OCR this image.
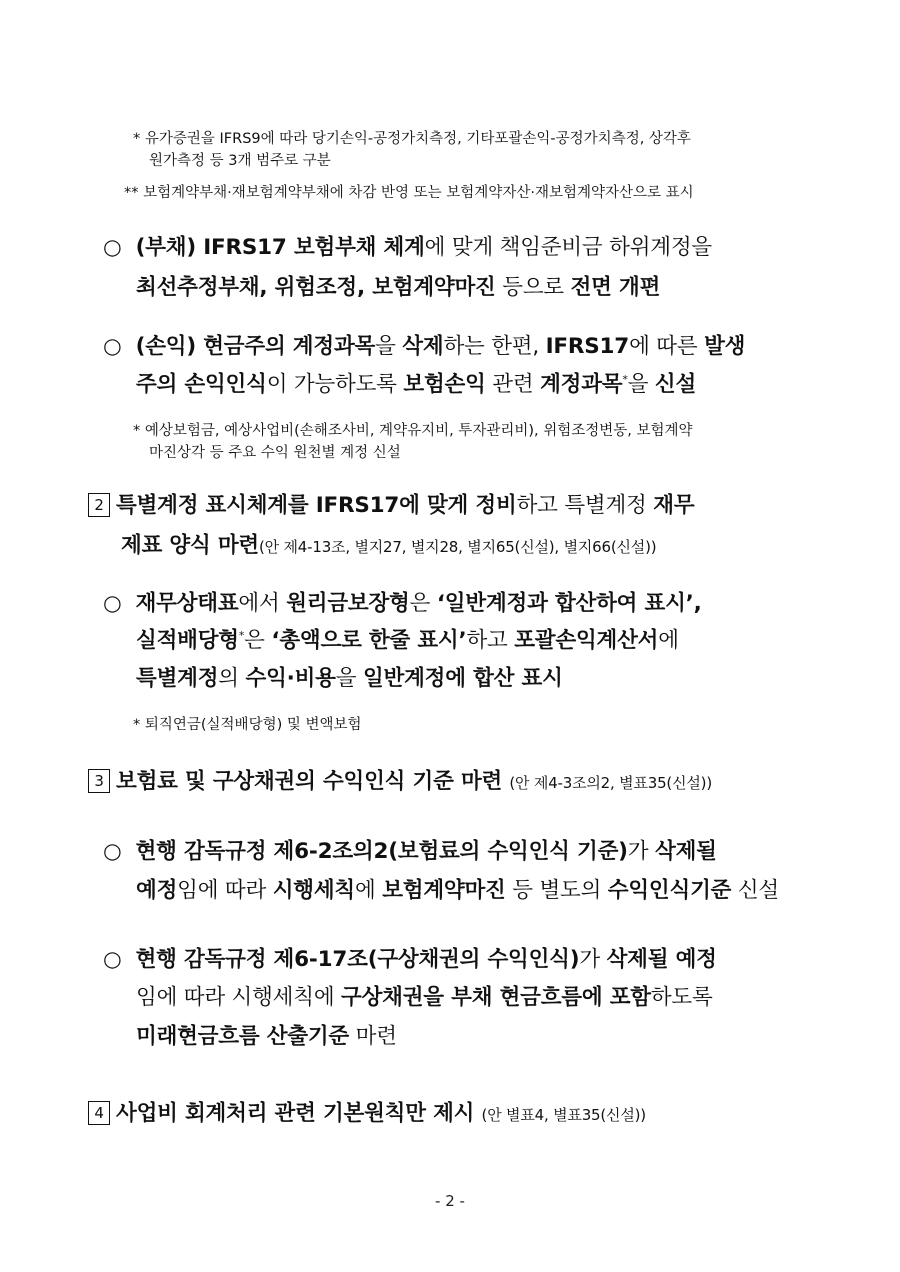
* 유가증권을 IFRS9에 따라 당기손익-공정가치측정, 기타포괄손익-공정가치측정, 상각후
원가측정 등 3개 범주로 구분
** 보험계약부채·재보험계약부채에 차감 반영 또는 보험계약자산·재보험계약자산으로 표시
○ (부채) IFRS17 보험부채 체계에 맞게 책임준비금 하위계정을
최선추정부채, 위험조정, 보험계약마진 등으로 전면 개편
○ (손익) 현금주의 계정과목을 삭제하는 한편, IFRS17에 따른 발생
주의 손익인식이 가능하도록 보험손익 관련 계정과목*을 신설
* 예상보험금, 예상사업비(손해조사비, 계약유지비, 투자관리비), 위험조정변동, 보험계약
마진상각 등 주요 수익 원천별 계정 신설
2 특별계정 표시체계를 IFRS17에 맞게 정비하고 특별계정 재무
제표 양식 마련(안 제4-13조, 별지27, 별지28, 별지65(신설), 별지66(신설))
○ 재무상태표에서 원리금보장형은 ‘일반계정과 합산하여 표시’,
실적배당형*은 ‘총액으로 한줄 표시’하고 포괄손익계산서에
특별계정의 수익·비용을 일반계정에 합산 표시
* 퇴직연금(실적배당형) 및 변액보험
3 보험료 및 구상채권의 수익인식 기준 마련 (안 제4-3조의2, 별표35(신설))
○ 현행 감독규정 제6-2조의2(보험료의 수익인식 기준)가 삭제될
예정임에 따라 시행세칙에 보험계약마진 등 별도의 수익인식기준 신설
○ 현행 감독규정 제6-17조(구상채권의 수익인식)가 삭제될 예정
임에 따라 시행세칙에 구상채권을 부채 현금흐름에 포함하도록
미래현금흐름 산출기준 마련
4 사업비 회계처리 관련 기본원칙만 제시 (안 별표4, 별표35(신설))
- 2 -
